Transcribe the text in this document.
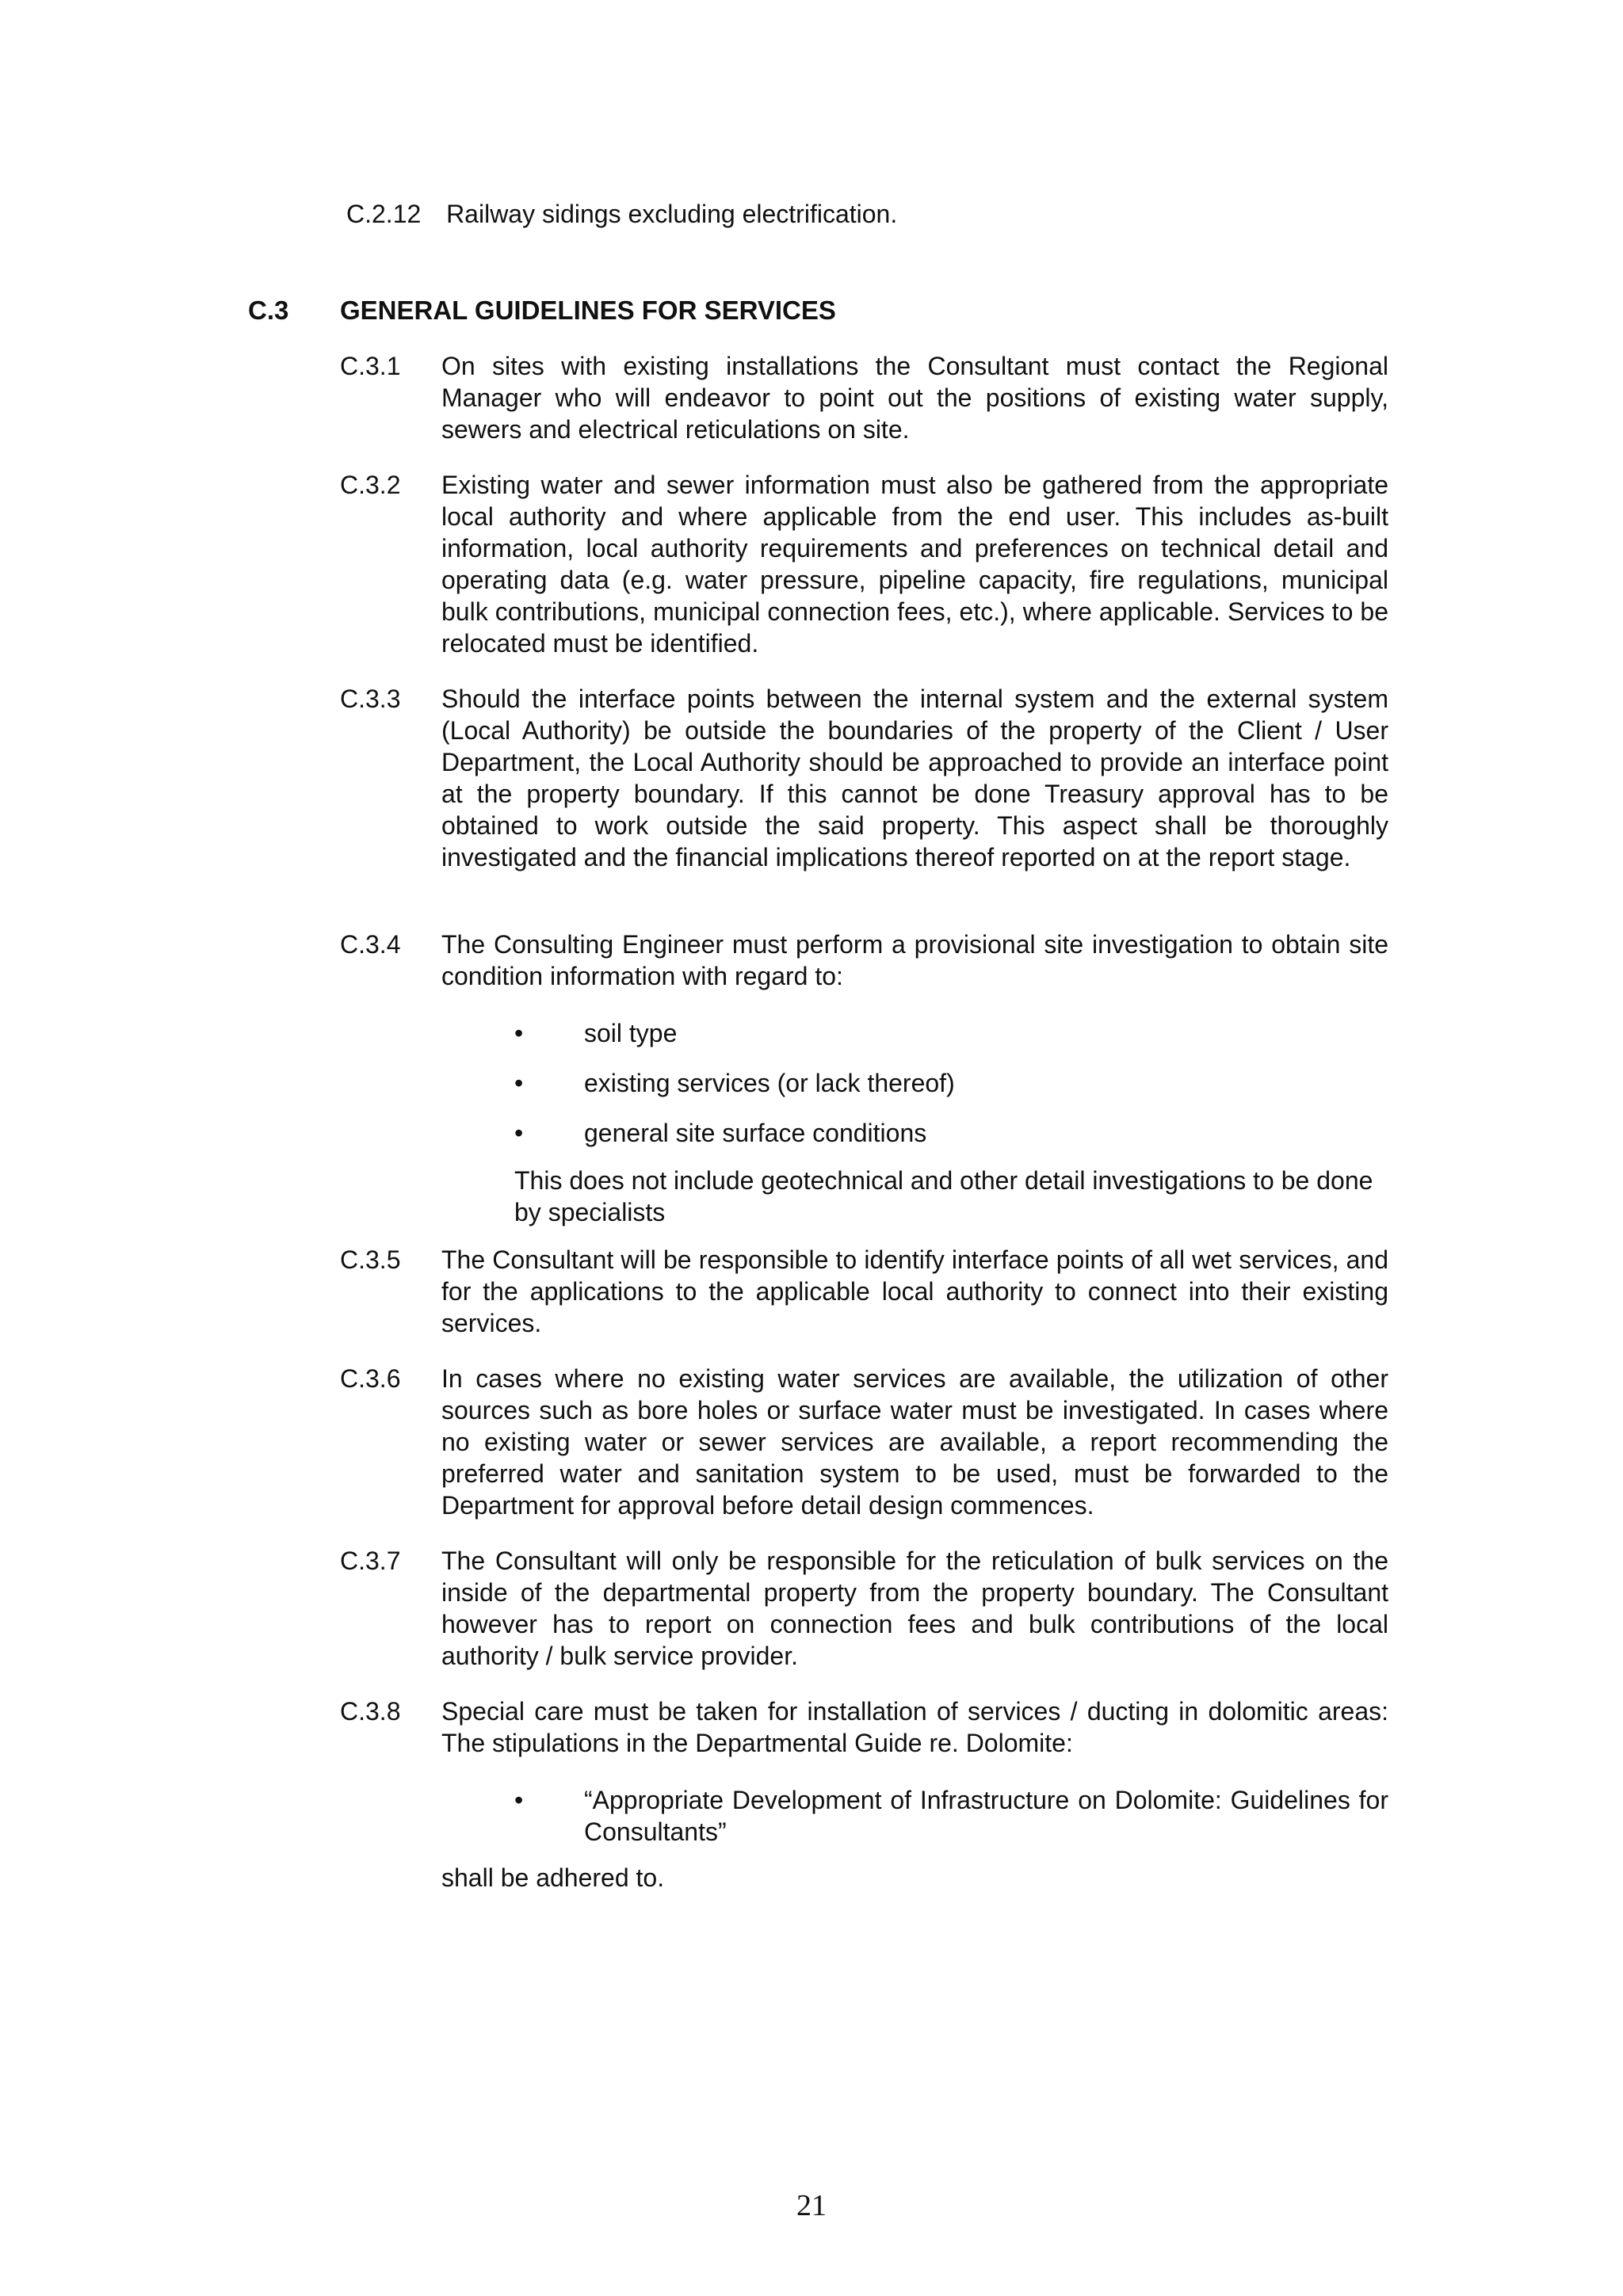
C.2.12 Railway sidings excluding electrification.
C.3 GENERAL GUIDELINES FOR SERVICES
C.3.1 On sites with existing installations the Consultant must contact the Regional Manager who will endeavor to point out the positions of existing water supply, sewers and electrical reticulations on site.
C.3.2 Existing water and sewer information must also be gathered from the appropriate local authority and where applicable from the end user. This includes as-built information, local authority requirements and preferences on technical detail and operating data (e.g. water pressure, pipeline capacity, fire regulations, municipal bulk contributions, municipal connection fees, etc.), where applicable. Services to be relocated must be identified.
C.3.3 Should the interface points between the internal system and the external system (Local Authority) be outside the boundaries of the property of the Client / User Department, the Local Authority should be approached to provide an interface point at the property boundary. If this cannot be done Treasury approval has to be obtained to work outside the said property. This aspect shall be thoroughly investigated and the financial implications thereof reported on at the report stage.
C.3.4 The Consulting Engineer must perform a provisional site investigation to obtain site condition information with regard to:
• soil type
• existing services (or lack thereof)
• general site surface conditions
This does not include geotechnical and other detail investigations to be done by specialists
C.3.5 The Consultant will be responsible to identify interface points of all wet services, and for the applications to the applicable local authority to connect into their existing services.
C.3.6 In cases where no existing water services are available, the utilization of other sources such as bore holes or surface water must be investigated. In cases where no existing water or sewer services are available, a report recommending the preferred water and sanitation system to be used, must be forwarded to the Department for approval before detail design commences.
C.3.7 The Consultant will only be responsible for the reticulation of bulk services on the inside of the departmental property from the property boundary. The Consultant however has to report on connection fees and bulk contributions of the local authority / bulk service provider.
C.3.8 Special care must be taken for installation of services / ducting in dolomitic areas: The stipulations in the Departmental Guide re. Dolomite:
• “Appropriate Development of Infrastructure on Dolomite: Guidelines for Consultants”
shall be adhered to.
21
